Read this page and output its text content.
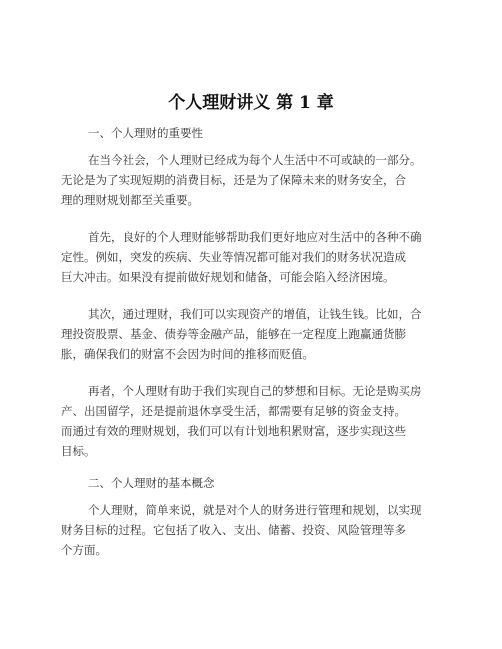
个人理财讲义 第 1 章

一、个人理财的重要性

在当今社会，个人理财已经成为每个人生活中不可或缺的一部分。
无论是为了实现短期的消费目标，还是为了保障未来的财务安全，合
理的理财规划都至关重要。
首先，良好的个人理财能够帮助我们更好地应对生活中的各种不确
定性。例如，突发的疾病、失业等情况都可能对我们的财务状况造成
巨大冲击。如果没有提前做好规划和储备，可能会陷入经济困境。
其次，通过理财，我们可以实现资产的增值，让钱生钱。比如，合
理投资股票、基金、债券等金融产品，能够在一定程度上跑赢通货膨
胀，确保我们的财富不会因为时间的推移而贬值。
再者，个人理财有助于我们实现自己的梦想和目标。无论是购买房
产、出国留学，还是提前退休享受生活，都需要有足够的资金支持。
而通过有效的理财规划，我们可以有计划地积累财富，逐步实现这些
目标。

二、个人理财的基本概念

个人理财，简单来说，就是对个人的财务进行管理和规划，以实现
财务目标的过程。它包括了收入、支出、储蓄、投资、风险管理等多
个方面。
